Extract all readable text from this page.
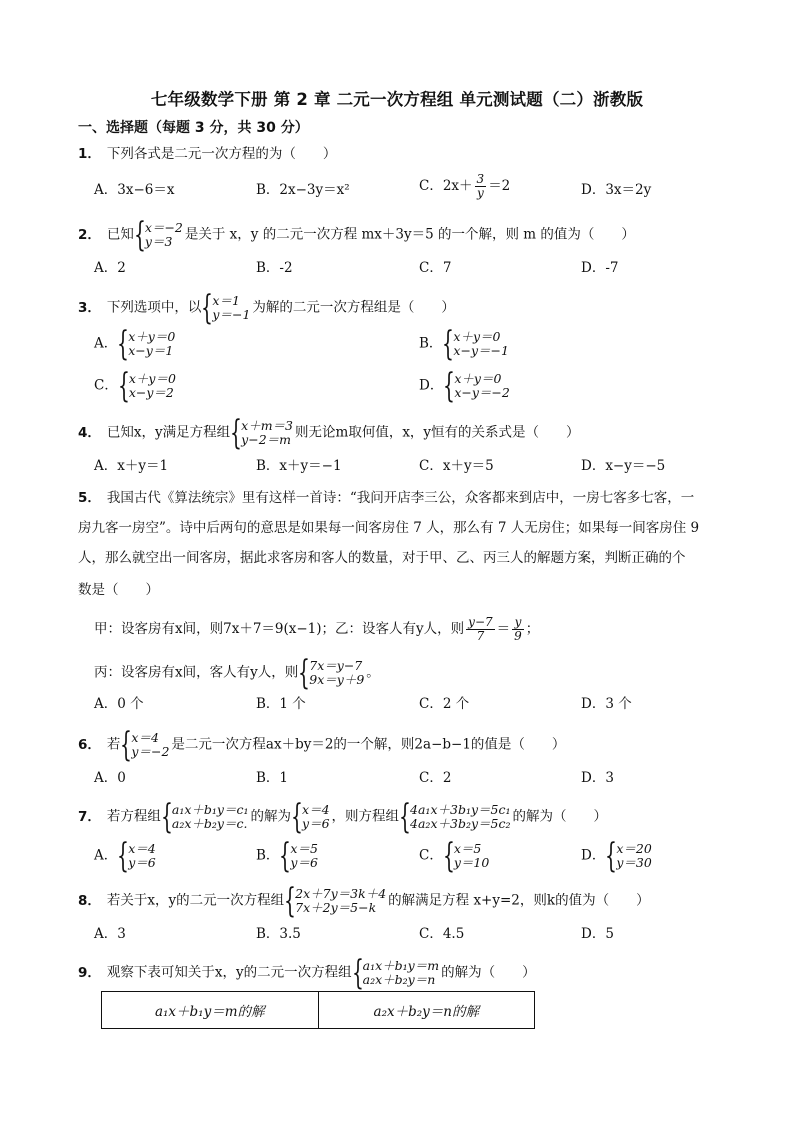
七年级数学下册 第 2 章 二元一次方程组 单元测试题（二）浙教版
一、选择题（每题 3 分，共 30 分）
1． 下列各式是二元一次方程的为（　　）
A．3x−6＝x	B．2x−3y＝x²	C．$2x+ \frac{3}{y} =2$	D．3x＝2y
2． 已知 { x＝−2
y＝3 是关于 x，y 的二元一次方程 mx＋3y＝5 的一个解，则 m 的值为（　　）
A．2	B．-2	C．7	D．-7
3． 下列选项中，以 { x＝1
y＝−1 为解的二元一次方程组是（　　）
A． { x＋y＝0
x−y＝1	B． { x＋y＝0
x−y＝−1
C． { x＋y＝0
x−y＝2	D． { x＋y＝0
x−y＝−2
4． 已知x，y满足方程组 { x＋m＝3
y−2＝m 则无论m取何值，x，y恒有的关系式是（　　）
A．x＋y＝1	B．x＋y＝−1	C．x＋y＝5	D．x−y＝−5
5． 我国古代《算法统宗》里有这样一首诗：“我问开店李三公，众客都来到店中，一房七客多七客，一
房九客一房空”。诗中后两句的意思是如果每一间客房住 7 人，那么有 7 人无房住；如果每一间客房住 9
人，那么就空出一间客房，据此求客房和客人的数量，对于甲、乙、丙三人的解题方案，判断正确的个
数是（　　）
甲：设客房有x间，则7x＋7＝9(x−1)；乙：设客人有y人，则 $\frac{y-7}{7} = \frac{y}{9}$ ；
丙：设客房有x间，客人有y人，则 { 7x＝y−7
9x＝y＋9 。
A．0 个	B．1 个	C．2 个	D．3 个
6． 若 { x＝4
y＝−2 是二元一次方程ax＋by＝2的一个解，则2a−b−1的值是（　　）
A．0	B．1	C．2	D．3
7． 若方程组 { a₁x＋b₁y＝c₁
a₂x＋b₂y＝c. 的解为 { x＝4
y＝6 ，则方程组 { 4a₁x＋3b₁y＝5c₁
4a₂x＋3b₂y＝5c₂ 的解为（　　）
A． { x＝4
y＝6	B． { x＝5
y＝6	C． { x＝5
y＝10	D． { x＝20
y＝30
8． 若关于x，y的二元一次方程组 { 2x＋7y＝3k＋4
7x＋2y＝5−k 的解满足方程 x+y=2，则k的值为（　　）
A．3	B．3.5	C．4.5	D．5
9． 观察下表可知关于x，y的二元一次方程组 { a₁x＋b₁y＝m
a₂x＋b₂y＝n 的解为（　　）
a₁x＋b₁y＝m的解	a₂x＋b₂y＝n的解
